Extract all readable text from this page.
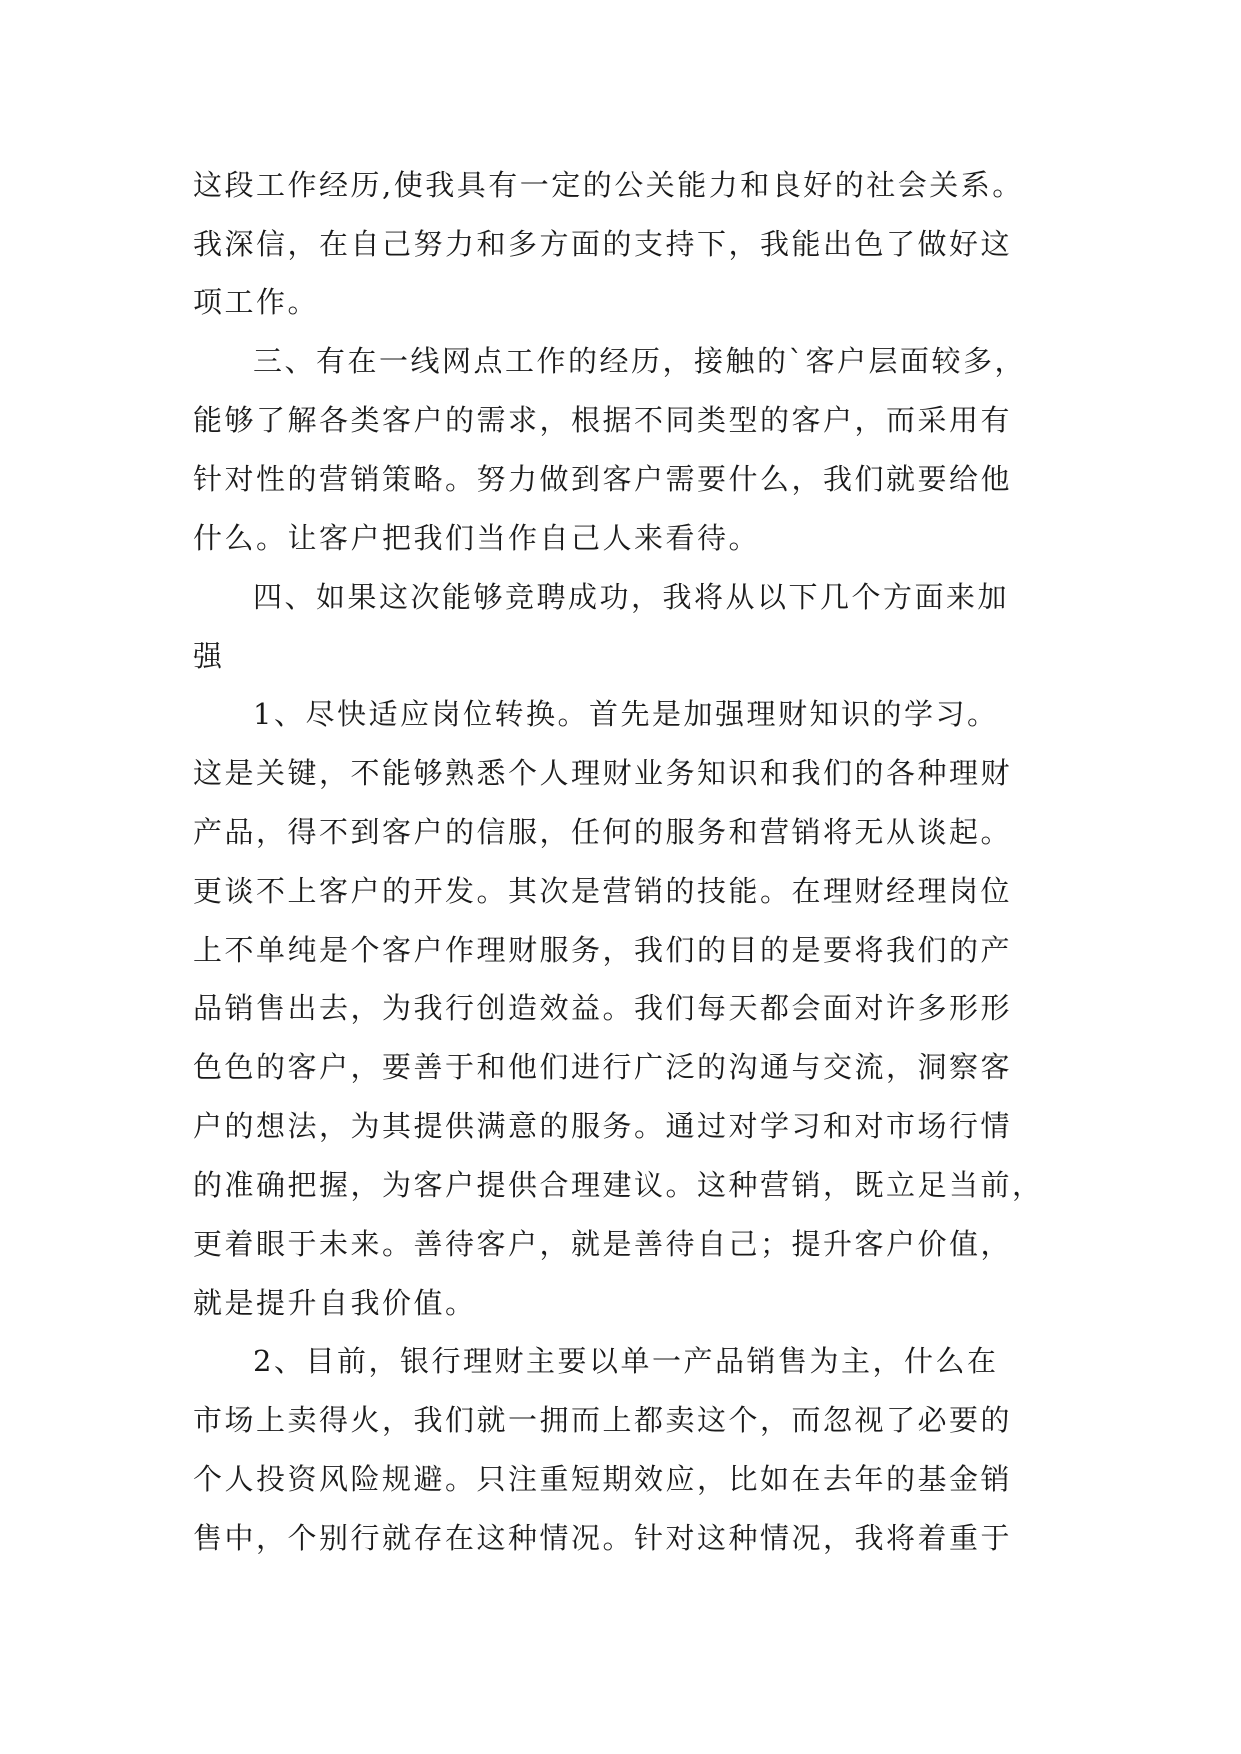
这段工作经历,使我具有一定的公关能力和良好的社会关系。

我深信，在自己努力和多方面的支持下，我能出色了做好这

项工作。

三、有在一线网点工作的经历，接触的`客户层面较多，

能够了解各类客户的需求，根据不同类型的客户，而采用有

针对性的营销策略。努力做到客户需要什么，我们就要给他

什么。让客户把我们当作自己人来看待。

四、如果这次能够竞聘成功，我将从以下几个方面来加

强

1、尽快适应岗位转换。首先是加强理财知识的学习。

这是关键，不能够熟悉个人理财业务知识和我们的各种理财

产品，得不到客户的信服，任何的服务和营销将无从谈起。

更谈不上客户的开发。其次是营销的技能。在理财经理岗位

上不单纯是个客户作理财服务，我们的目的是要将我们的产

品销售出去，为我行创造效益。我们每天都会面对许多形形

色色的客户，要善于和他们进行广泛的沟通与交流，洞察客

户的想法，为其提供满意的服务。通过对学习和对市场行情

的准确把握，为客户提供合理建议。这种营销，既立足当前，

更着眼于未来。善待客户，就是善待自己；提升客户价值，

就是提升自我价值。

2、目前，银行理财主要以单一产品销售为主，什么在

市场上卖得火，我们就一拥而上都卖这个，而忽视了必要的

个人投资风险规避。只注重短期效应，比如在去年的基金销

售中，个别行就存在这种情况。针对这种情况，我将着重于
